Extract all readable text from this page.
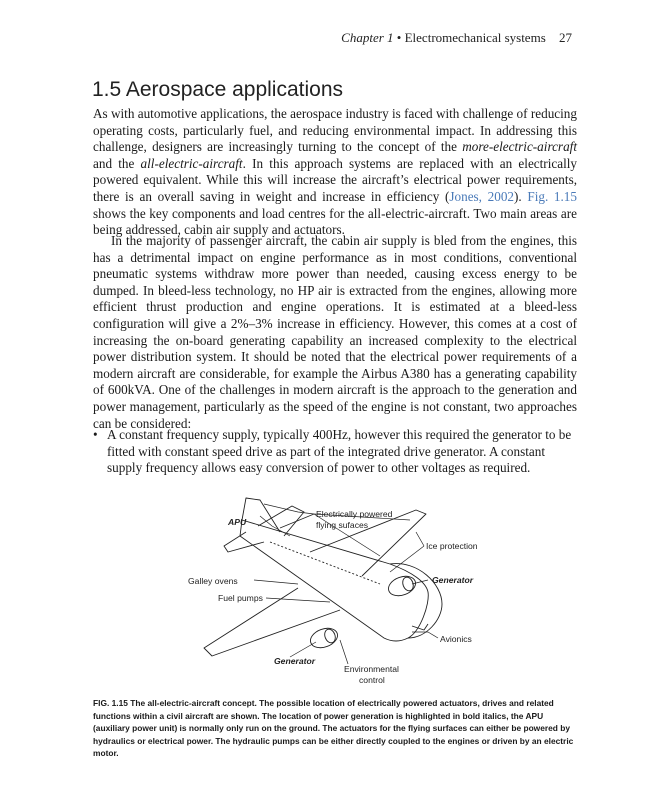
Chapter 1 • Electromechanical systems 27
1.5 Aerospace applications

As with automotive applications, the aerospace industry is faced with challenge of reducing operating costs, particularly fuel, and reducing environmental impact. In addressing this challenge, designers are increasingly turning to the concept of the more-electric-aircraft and the all-electric-aircraft. In this approach systems are replaced with an electrically powered equivalent. While this will increase the aircraft’s electrical power requirements, there is an overall saving in weight and increase in efficiency (Jones, 2002). Fig. 1.15 shows the key components and load centres for the all-electric-aircraft. Two main areas are being addressed, cabin air supply and actuators.

In the majority of passenger aircraft, the cabin air supply is bled from the engines, this has a detrimental impact on engine performance as in most conditions, conventional pneumatic systems withdraw more power than needed, causing excess energy to be dumped. In bleed-less technology, no HP air is extracted from the engines, allowing more efficient thrust production and engine operations. It is estimated at a bleed-less configuration will give a 2%–3% increase in efficiency. However, this comes at a cost of increasing the on-board generating capability an increased complexity to the electrical power distribution system. It should be noted that the electrical power requirements of a modern aircraft are considerable, for example the Airbus A380 has a generating capability of 600kVA. One of the challenges in modern aircraft is the approach to the generation and power management, particularly as the speed of the engine is not constant, two approaches can be considered:

• A constant frequency supply, typically 400Hz, however this required the generator to be fitted with constant speed drive as part of the integrated drive generator. A constant supply frequency allows easy conversion of power to other voltages as required.
APU
Electrically powered
flying sufaces
Ice protection
Generator
Galley ovens
Fuel pumps
Avionics
Generator
Environmental
control

FIG. 1.15 The all-electric-aircraft concept. The possible location of electrically powered actuators, drives and related functions within a civil aircraft are shown. The location of power generation is highlighted in bold italics, the APU (auxiliary power unit) is normally only run on the ground. The actuators for the flying surfaces can either be powered by hydraulics or electrical power. The hydraulic pumps can be either directly coupled to the engines or driven by an electric motor.
